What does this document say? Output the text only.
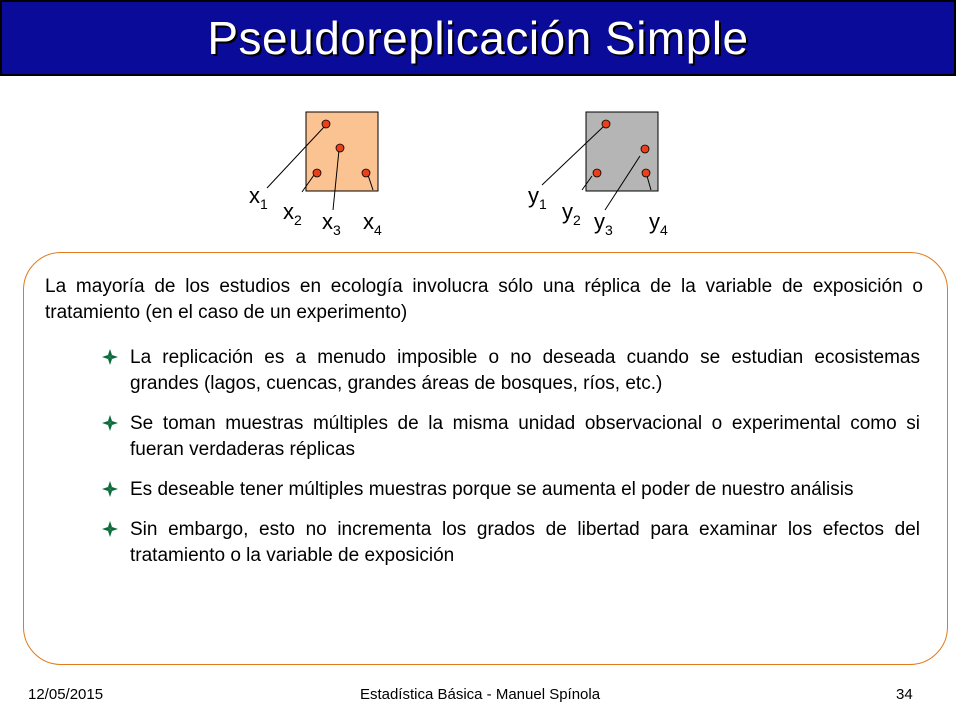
Pseudoreplicación Simple
$x_1$ $x_2$ $x_3$ $x_4$
$y_1$ $y_2$ $y_3$ $y_4$

La mayoría de los estudios en ecología involucra sólo una réplica de la variable de exposición o tratamiento (en el caso de un experimento)

La replicación es a menudo imposible o no deseada cuando se estudian ecosistemas grandes (lagos, cuencas, grandes áreas de bosques, ríos, etc.)
Se toman muestras múltiples de la misma unidad observacional o experimental como si fueran verdaderas réplicas
Es deseable tener múltiples muestras porque se aumenta el poder de nuestro análisis
Sin embargo, esto no incrementa los grados de libertad para examinar los efectos del tratamiento o la variable de exposición
12/05/2015	Estadística Básica - Manuel Spínola	34
